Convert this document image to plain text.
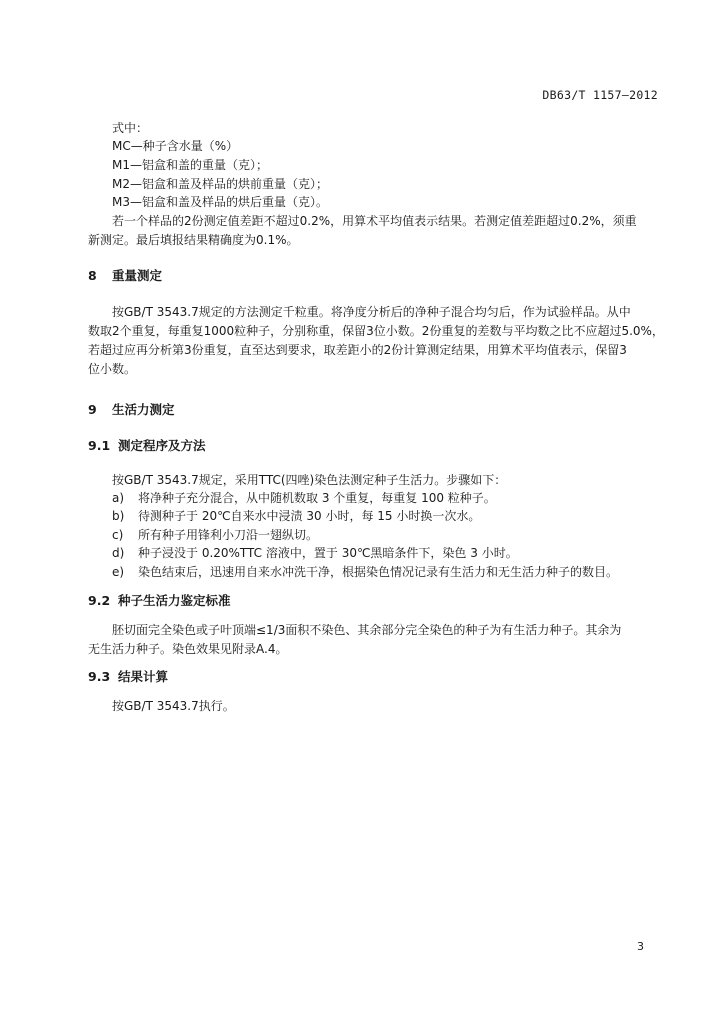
DB63/T 1157—2012
式中：
MC—种子含水量（%）
M1—铝盒和盖的重量（克）；
M2—铝盒和盖及样品的烘前重量（克）；
M3—铝盒和盖及样品的烘后重量（克）。
若一个样品的2份测定值差距不超过0.2%，用算术平均值表示结果。若测定值差距超过0.2%，须重
新测定。最后填报结果精确度为0.1%。
8 重量测定
按GB/T 3543.7规定的方法测定千粒重。将净度分析后的净种子混合均匀后，作为试验样品。从中
数取2个重复，每重复1000粒种子，分别称重，保留3位小数。2份重复的差数与平均数之比不应超过5.0%，
若超过应再分析第3份重复，直至达到要求，取差距小的2份计算测定结果，用算术平均值表示，保留3
位小数。
9 生活力测定
9.1 测定程序及方法
按GB/T 3543.7规定，采用TTC(四唑)染色法测定种子生活力。步骤如下：
a) 将净种子充分混合，从中随机数取 3 个重复，每重复 100 粒种子。
b) 待测种子于 20℃自来水中浸渍 30 小时，每 15 小时换一次水。
c) 所有种子用锋利小刀沿一翅纵切。
d) 种子浸没于 0.20%TTC 溶液中，置于 30℃黑暗条件下，染色 3 小时。
e) 染色结束后，迅速用自来水冲洗干净，根据染色情况记录有生活力和无生活力种子的数目。
9.2 种子生活力鉴定标准
胚切面完全染色或子叶顶端≤1/3面积不染色、其余部分完全染色的种子为有生活力种子。其余为
无生活力种子。染色效果见附录A.4。
9.3 结果计算
按GB/T 3543.7执行。
3
